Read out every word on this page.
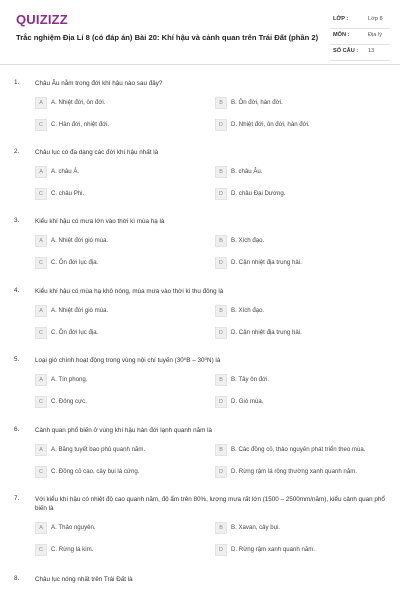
QUIZIZZ
Trắc nghiệm Địa Lí 8 (có đáp án) Bài 20: Khí hậu và cảnh quan trên Trái Đất (phần 2)
LỚP :	Lớp 8
MÔN :	Địa lý
SỐ CÂU : 13
1. Châu Âu nằm trong đới khí hậu nào sau đây?
A	A. Nhiệt đới, ôn đới.	B	B. Ôn đới, hàn đới.
C	C. Hàn đới, nhiệt đới.	D	D. Nhiệt đới, ôn đới, hàn đới.
2. Châu lục có đa dạng các đới khí hậu nhất là
A	A. châu Á.	B	B. châu Âu.
C	C. châu Phi.	D	D. châu Đại Dương.
3. Kiểu khí hậu có mưa lớn vào thời kì mùa hạ là
A	A. Nhiệt đới gió mùa.	B	B. Xích đạo.
C	C. Ôn đới lục địa.	D	D. Cận nhiệt địa trung hải.
4. Kiểu khí hậu có mùa hạ khô nóng, mùa mưa vào thời kì thu đông là
A	A. Nhiệt đới gió mùa.	B	B. Xích đạo.
C	C. Ôn đới lục địa.	D	D. Cận nhiệt địa trung hải.
5. Loại gió chính hoạt động trong vùng nội chí tuyến (30⁰B – 30⁰N) là
A	A. Tín phong.	B	B. Tây ôn đới.
C	C. Đông cực.	D	D. Gió mùa.
6. Cảnh quan phổ biến ở vùng khí hậu hàn đới lạnh quanh năm là
A	A. Băng tuyết bao phủ quanh năm.	B	B. Các đồng cỏ, thảo nguyên phát triển theo mùa.
C	C. Đồng cỏ cao, cây bụi lá cứng.	D	D. Rừng rậm lá rộng thường xanh quanh năm.
7. Với kiểu khí hậu có nhiệt độ cao quanh năm, độ ẩm trên 80%, lượng mưa rất lớn (1500 – 2500mm/năm), kiểu cảnh quan phổ biến là
A	A. Thảo nguyên.	B	B. Xavan, cây bụi.
C	C. Rừng lá kim.	D	D. Rừng rậm xanh quanh năm.
8. Châu lục nóng nhất trên Trái Đất là
